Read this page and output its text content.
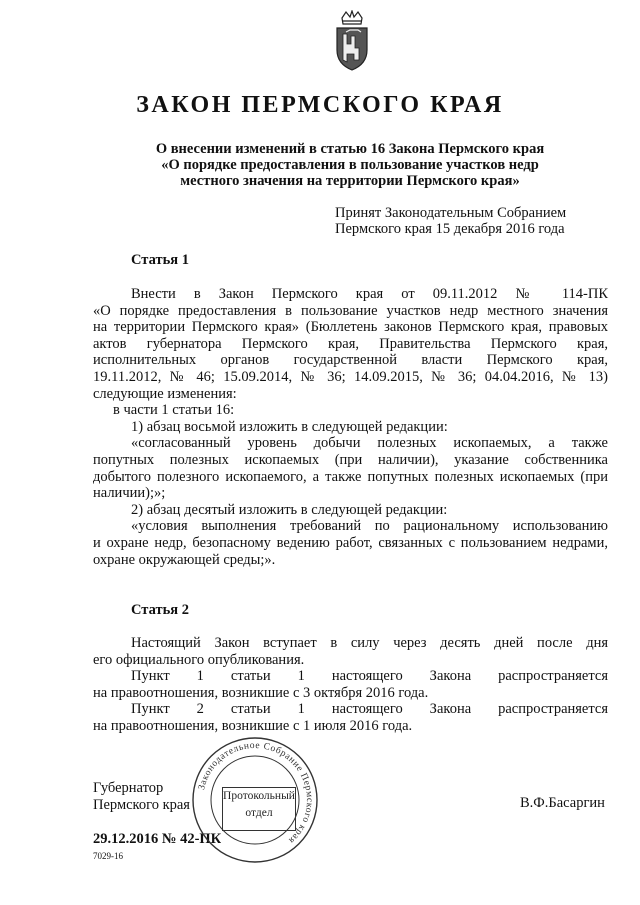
ЗАКОН ПЕРМСКОГО КРАЯ
О внесении изменений в статью 16 Закона Пермского края
«О порядке предоставления в пользование участков недр
местного значения на территории Пермского края»
Принят Законодательным Собранием
Пермского края 15 декабря 2016 года
Статья 1

Внести в Закон Пермского края от 09.11.2012 № 114-ПК

«О порядке предоставления в пользование участков недр местного значения

на территории Пермского края» (Бюллетень законов Пермского края, правовых

актов губернатора Пермского края, Правительства Пермского края,

исполнительных органов государственной власти Пермского края,

19.11.2012, № 46; 15.09.2014, № 36; 14.09.2015, № 36; 04.04.2016, № 13)

следующие изменения:

в части 1 статьи 16:

1) абзац восьмой изложить в следующей редакции:

«согласованный уровень добычи полезных ископаемых, а также

попутных полезных ископаемых (при наличии), указание собственника

добытого полезного ископаемого, а также попутных полезных ископаемых (при

наличии);»;

2) абзац десятый изложить в следующей редакции:

«условия выполнения требований по рациональному использованию

и охране недр, безопасному ведению работ, связанных с пользованием недрами,

охране окружающей среды;».

Статья 2

Настоящий Закон вступает в силу через десять дней после дня

его официального опубликования.

Пункт 1 статьи 1 настоящего Закона распространяется

на правоотношения, возникшие с 3 октября 2016 года.

Пункт 2 статьи 1 настоящего Закона распространяется

на правоотношения, возникшие с 1 июля 2016 года.

Губернатор
Пермского края	В.Ф.Басаргин
29.12.2016 № 42-ПК
7029-16
Законодательное Собрание Пермского края
Протокольный
отдел
